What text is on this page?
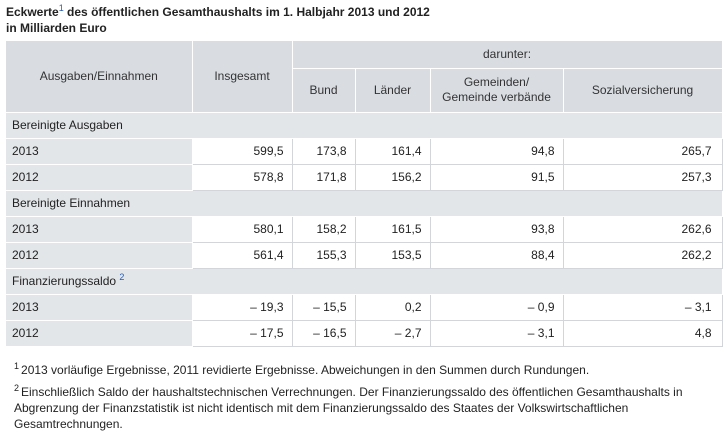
Eckwerte$^1$ des öffentlichen Gesamthaushalts im 1. Halbjahr 2013 und 2012
in Milliarden Euro
Ausgaben/Einnahmen	Insgesamt	darunter:			
		Bund	Länder	Gemeinden/
Gemeinde verbände	Sozialversicherung
Bereinigte Ausgaben					
2013	599,5	173,8	161,4	94,8	265,7
2012	578,8	171,8	156,2	91,5	257,3
Bereinigte Einnahmen					
2013	580,1	158,2	161,5	93,8	262,6
2012	561,4	155,3	153,5	88,4	262,2
Finanzierungssaldo $^2$
2013	– 19,3	– 15,5	0,2	– 0,9	– 3,1
2012	– 17,5	– 16,5	– 2,7	– 3,1	4,8
$^1$ 2013 vorläufige Ergebnisse, 2011 revidierte Ergebnisse. Abweichungen in den Summen durch Rundungen.
$^2$ Einschließlich Saldo der haushaltstechnischen Verrechnungen. Der Finanzierungssaldo des öffentlichen Gesamthaushalts in Abgrenzung der Finanzstatistik ist nicht identisch mit dem Finanzierungssaldo des Staates der Volkswirtschaftlichen Gesamtrechnungen.
